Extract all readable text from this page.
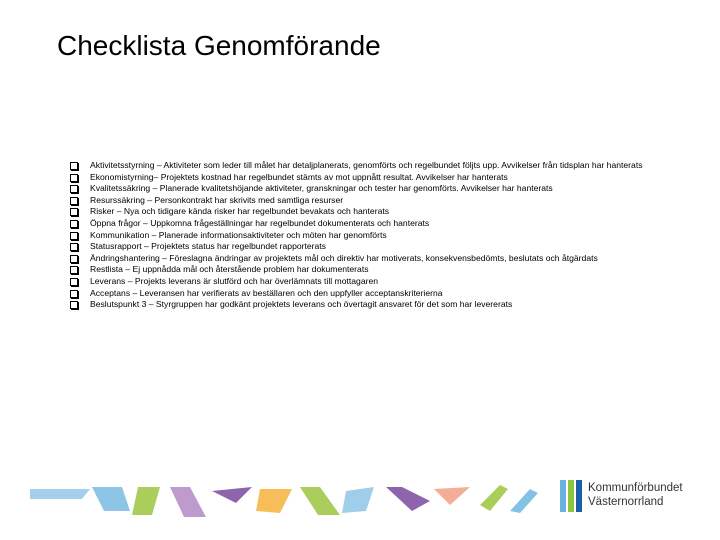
Checklista Genomförande
Aktivitetsstyrning – Aktiviteter som leder till målet har detaljplanerats, genomförts och regelbundet följts upp. Avvikelser från tidsplan har hanterats
Ekonomistyrning– Projektets kostnad har regelbundet stämts av mot uppnått resultat. Avvikelser har hanterats
Kvalitetssäkring – Planerade kvalitetshöjande aktiviteter, granskningar och tester har genomförts. Avvikelser har hanterats
Resurssäkring – Personkontrakt har skrivits med samtliga resurser
Risker – Nya och tidigare kända risker har regelbundet bevakats och hanterats
Öppna frågor – Uppkomna frågeställningar har regelbundet dokumenterats och hanterats
Kommunikation – Planerade informationsaktiviteter och möten har genomförts
Statusrapport – Projektets status har regelbundet rapporterats
Ändringshantering – Föreslagna ändringar av projektets mål och direktiv har motiverats, konsekvensbedömts, beslutats och åtgärdats
Restlista – Ej uppnådda mål och återstående problem har dokumenterats
Leverans – Projekts leverans är slutförd och har överlämnats till mottagaren
Acceptans – Leveransen har verifierats av beställaren och den uppfyller acceptanskriterierna
Beslutspunkt 3 – Styrgruppen har godkänt projektets leverans och övertagit ansvaret för det som har levererats
Kommunförbundet
Västernorrland
